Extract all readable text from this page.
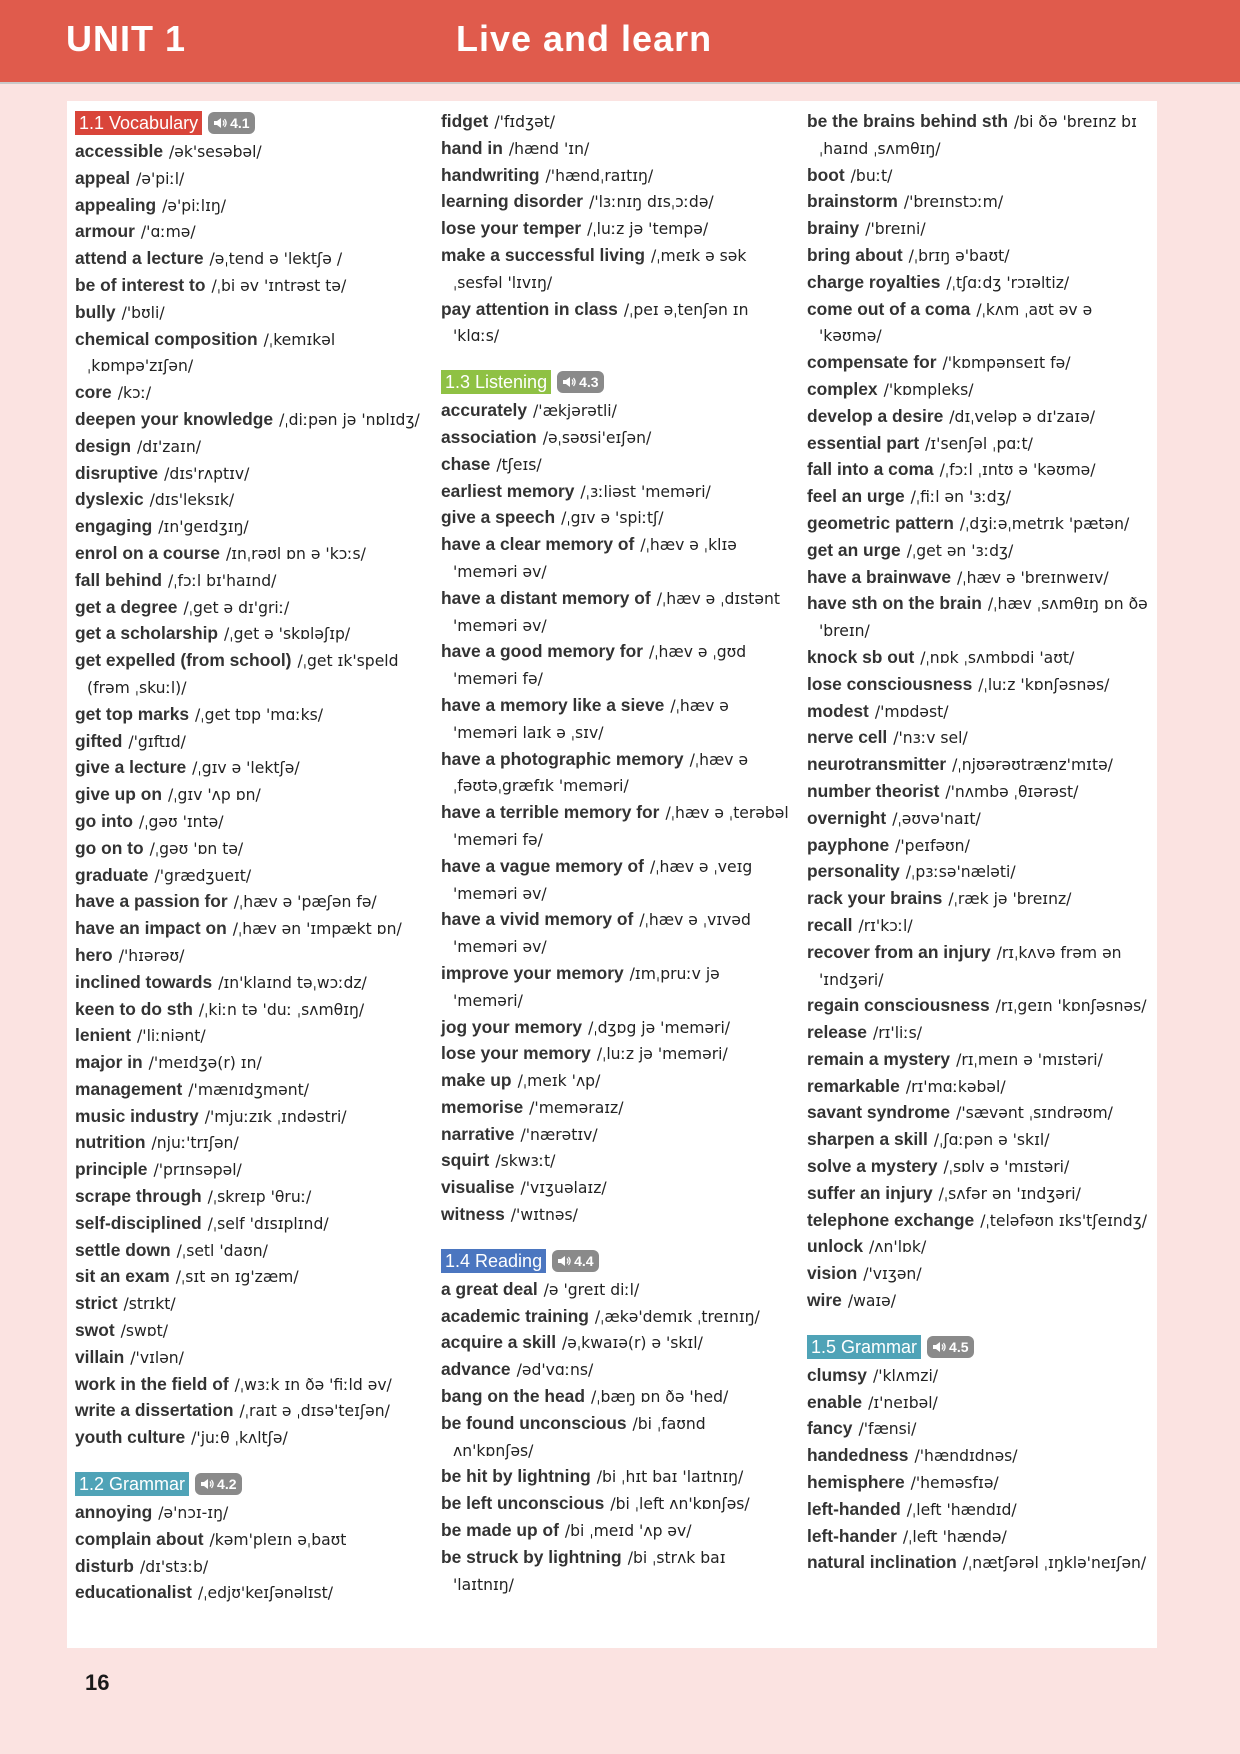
UNIT 1	Live and learn
1.1 Vocabulary 4.1
accessible /ək'sesəbəl/
appeal /ə'piːl/
appealing /ə'piːlɪŋ/
armour /'ɑːmə/
attend a lecture /əˌtend ə 'lektʃə /
be of interest to /ˌbi əv 'ɪntrəst tə/
bully /'bʊli/
chemical composition /ˌkemɪkəl ˌkɒmpə'zɪʃən/
core /kɔː/
deepen your knowledge /ˌdiːpən jə 'nɒlɪdʒ/
design /dɪ'zaɪn/
disruptive /dɪs'rʌptɪv/
dyslexic /dɪs'leksɪk/
engaging /ɪn'geɪdʒɪŋ/
enrol on a course /ɪnˌrəʊl ɒn ə 'kɔːs/
fall behind /ˌfɔːl bɪ'haɪnd/
get a degree /ˌget ə dɪ'griː/
get a scholarship /ˌget ə 'skɒləʃɪp/
get expelled (from school) /ˌget ɪk'speld (frəm ˌskuːl)/
get top marks /ˌget tɒp 'mɑːks/
gifted /'gɪftɪd/
give a lecture /ˌgɪv ə 'lektʃə/
give up on /ˌgɪv 'ʌp ɒn/
go into /ˌgəʊ 'ɪntə/
go on to /ˌgəʊ 'ɒn tə/
graduate /'grædʒueɪt/
have a passion for /ˌhæv ə 'pæʃən fə/
have an impact on /ˌhæv ən 'ɪmpækt ɒn/
hero /'hɪərəʊ/
inclined towards /ɪn'klaɪnd təˌwɔːdz/
keen to do sth /ˌkiːn tə 'duː ˌsʌmθɪŋ/
lenient /'liːniənt/
major in /'meɪdʒə(r) ɪn/
management /'mænɪdʒmənt/
music industry /'mjuːzɪk ˌɪndəstri/
nutrition /njuː'trɪʃən/
principle /'prɪnsəpəl/
scrape through /ˌskreɪp 'θruː/
self-disciplined /ˌself 'dɪsɪplɪnd/
settle down /ˌsetl 'daʊn/
sit an exam /ˌsɪt ən ɪg'zæm/
strict /strɪkt/
swot /swɒt/
villain /'vɪlən/
work in the field of /ˌwɜːk ɪn ðə 'fiːld əv/
write a dissertation /ˌraɪt ə ˌdɪsə'teɪʃən/
youth culture /'juːθ ˌkʌltʃə/
1.2 Grammar 4.2
annoying /ə'nɔɪ-ɪŋ/
complain about /kəm'pleɪn əˌbaʊt
disturb /dɪ'stɜːb/
educationalist /ˌedjʊ'keɪʃənəlɪst/
fidget /'fɪdʒət/
hand in /hænd 'ɪn/
handwriting /'hændˌraɪtɪŋ/
learning disorder /'lɜːnɪŋ dɪsˌɔːdə/
lose your temper /ˌluːz jə 'tempə/
make a successful living /ˌmeɪk ə səkˌsesfəl 'lɪvɪŋ/
pay attention in class /ˌpeɪ əˌtenʃən ɪn 'klɑːs/
1.3 Listening 4.3
accurately /'ækjərətli/
association /əˌsəʊsi'eɪʃən/
chase /tʃeɪs/
earliest memory /ˌɜːliəst 'meməri/
give a speech /ˌgɪv ə 'spiːtʃ/
have a clear memory of /ˌhæv ə ˌklɪə 'meməri əv/
have a distant memory of /ˌhæv ə ˌdɪstənt 'meməri əv/
have a good memory for /ˌhæv ə ˌgʊd 'meməri fə/
have a memory like a sieve /ˌhæv ə 'meməri laɪk ə ˌsɪv/
have a photographic memory /ˌhæv ə ˌfəʊtəˌgræfɪk 'meməri/
have a terrible memory for /ˌhæv ə ˌterəbəl 'meməri fə/
have a vague memory of /ˌhæv ə ˌveɪg 'meməri əv/
have a vivid memory of /ˌhæv ə ˌvɪvəd 'meməri əv/
improve your memory /ɪmˌpruːv jə 'meməri/
jog your memory /ˌdʒɒg jə 'meməri/
lose your memory /ˌluːz jə 'meməri/
make up /ˌmeɪk 'ʌp/
memorise /'meməraɪz/
narrative /'nærətɪv/
squirt /skwɜːt/
visualise /'vɪʒuəlaɪz/
witness /'wɪtnəs/
1.4 Reading 4.4
a great deal /ə 'greɪt diːl/
academic training /ˌækə'demɪk ˌtreɪnɪŋ/
acquire a skill /əˌkwaɪə(r) ə 'skɪl/
advance /əd'vɑːns/
bang on the head /ˌbæŋ ɒn ðə 'hed/
be found unconscious /bi ˌfaʊnd ʌn'kɒnʃəs/
be hit by lightning /bi ˌhɪt baɪ 'laɪtnɪŋ/
be left unconscious /bi ˌleft ʌn'kɒnʃəs/
be made up of /bi ˌmeɪd 'ʌp əv/
be struck by lightning /bi ˌstrʌk baɪ 'laɪtnɪŋ/
be the brains behind sth /bi ðə 'breɪnz bɪˌhaɪnd ˌsʌmθɪŋ/
boot /buːt/
brainstorm /'breɪnstɔːm/
brainy /'breɪni/
bring about /ˌbrɪŋ ə'baʊt/
charge royalties /ˌtʃɑːdʒ 'rɔɪəltiz/
come out of a coma /ˌkʌm ˌaʊt əv ə 'kəʊmə/
compensate for /'kɒmpənseɪt fə/
complex /'kɒmpleks/
develop a desire /dɪˌveləp ə dɪ'zaɪə/
essential part /ɪ'senʃəl ˌpɑːt/
fall into a coma /ˌfɔːl ˌɪntʊ ə 'kəʊmə/
feel an urge /ˌfiːl ən 'ɜːdʒ/
geometric pattern /ˌdʒiːəˌmetrɪk 'pætən/
get an urge /ˌget ən 'ɜːdʒ/
have a brainwave /ˌhæv ə 'breɪnweɪv/
have sth on the brain /ˌhæv ˌsʌmθɪŋ ɒn ðə 'breɪn/
knock sb out /ˌnɒk ˌsʌmbɒdi 'aʊt/
lose consciousness /ˌluːz 'kɒnʃəsnəs/
modest /'mɒdəst/
nerve cell /'nɜːv sel/
neurotransmitter /ˌnjʊərəʊtrænz'mɪtə/
number theorist /'nʌmbə ˌθɪərəst/
overnight /ˌəʊvə'naɪt/
payphone /'peɪfəʊn/
personality /ˌpɜːsə'næləti/
rack your brains /ˌræk jə 'breɪnz/
recall /rɪ'kɔːl/
recover from an injury /rɪˌkʌvə frəm ən 'ɪndʒəri/
regain consciousness /rɪˌgeɪn 'kɒnʃəsnəs/
release /rɪ'liːs/
remain a mystery /rɪˌmeɪn ə 'mɪstəri/
remarkable /rɪ'mɑːkəbəl/
savant syndrome /'sævənt ˌsɪndrəʊm/
sharpen a skill /ˌʃɑːpən ə 'skɪl/
solve a mystery /ˌsɒlv ə 'mɪstəri/
suffer an injury /ˌsʌfər ən 'ɪndʒəri/
telephone exchange /ˌteləfəʊn ɪks'tʃeɪndʒ/
unlock /ʌn'lɒk/
vision /'vɪʒən/
wire /waɪə/
1.5 Grammar 4.5
clumsy /'klʌmzi/
enable /ɪ'neɪbəl/
fancy /'fænsi/
handedness /'hændɪdnəs/
hemisphere /'heməsfɪə/
left-handed /ˌleft 'hændɪd/
left-hander /ˌleft 'hændə/
natural inclination /ˌnætʃərəl ˌɪŋklə'neɪʃən/
16
